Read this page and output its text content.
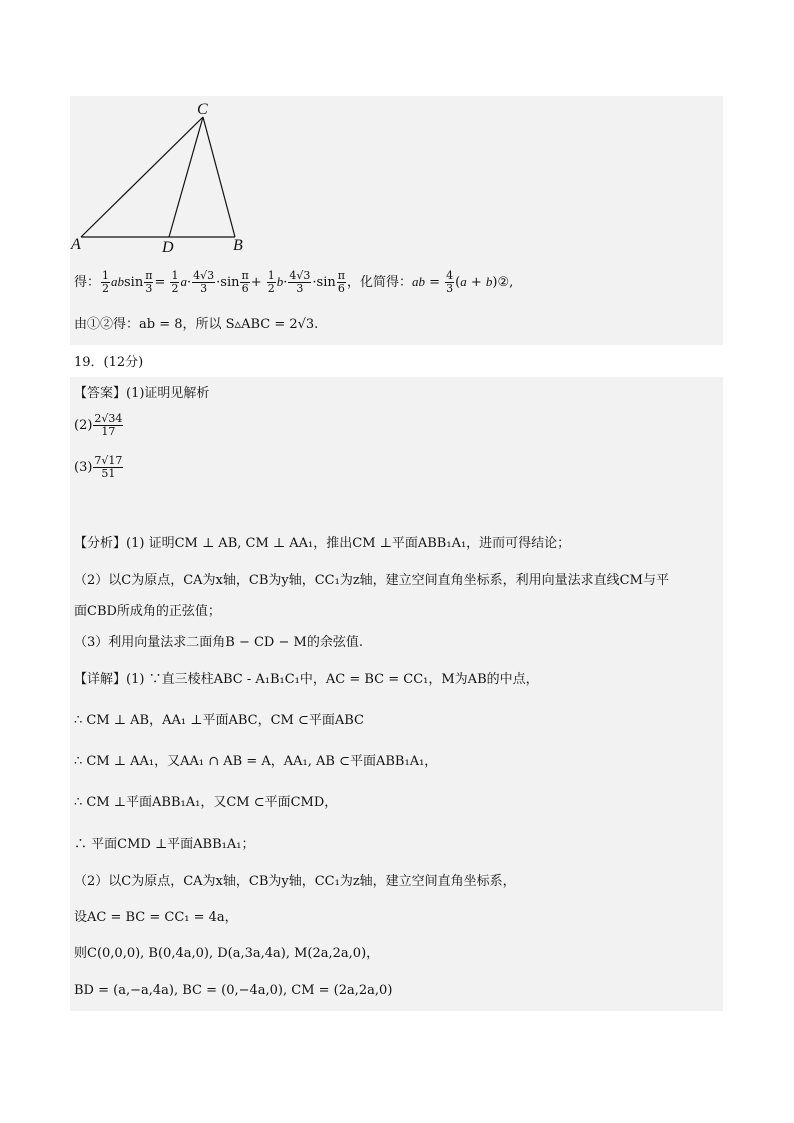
C
A	D	B
得： $\frac{1}{2}$ absin $\frac{\pi}{3} = \frac{1}{2} a\cdot \frac{4√3}{3} \cdot\sin \frac{\pi}{6} + \frac{1}{2} b\cdot \frac{4√3}{3} \cdot\sin \frac{\pi}{6}$ ，化简得：ab = $\frac{4}{3} (a$ + b)②,
由①②得：ab = 8，所以 S▵ABC = 2√3.
19．(12分)
【答案】(1)证明见解析
$(2) \frac{2√34}{17}$
$(3) \frac{7√17}{51}$
【分析】(1) 证明CM ⊥ AB, CM ⊥ AA₁，推出CM ⊥平面ABB₁A₁，进而可得结论；
（2）以C为原点，CA为x轴，CB为y轴，CC₁为z轴，建立空间直角坐标系，利用向量法求直线CM与平
面CBD所成角的正弦值；
（3）利用向量法求二面角B − CD − M的余弦值.
【详解】(1) ∵直三棱柱ABC - A₁B₁C₁中，AC = BC = CC₁，M为AB的中点，
∴ CM ⊥ AB，AA₁ ⊥平面ABC，CM ⊂平面ABC
∴ CM ⊥ AA₁，又AA₁ ∩ AB = A，AA₁, AB ⊂平面ABB₁A₁，
∴ CM ⊥平面ABB₁A₁，又CM ⊂平面CMD，
∴ 平面CMD ⊥平面ABB₁A₁；
（2）以C为原点，CA为x轴，CB为y轴，CC₁为z轴，建立空间直角坐标系，
设AC = BC = CC₁ = 4a，
则C(0,0,0), B(0,4a,0), D(a,3a,4a), M(2a,2a,0)，
BD = (a,−a,4a), BC = (0,−4a,0), CM = (2a,2a,0)
